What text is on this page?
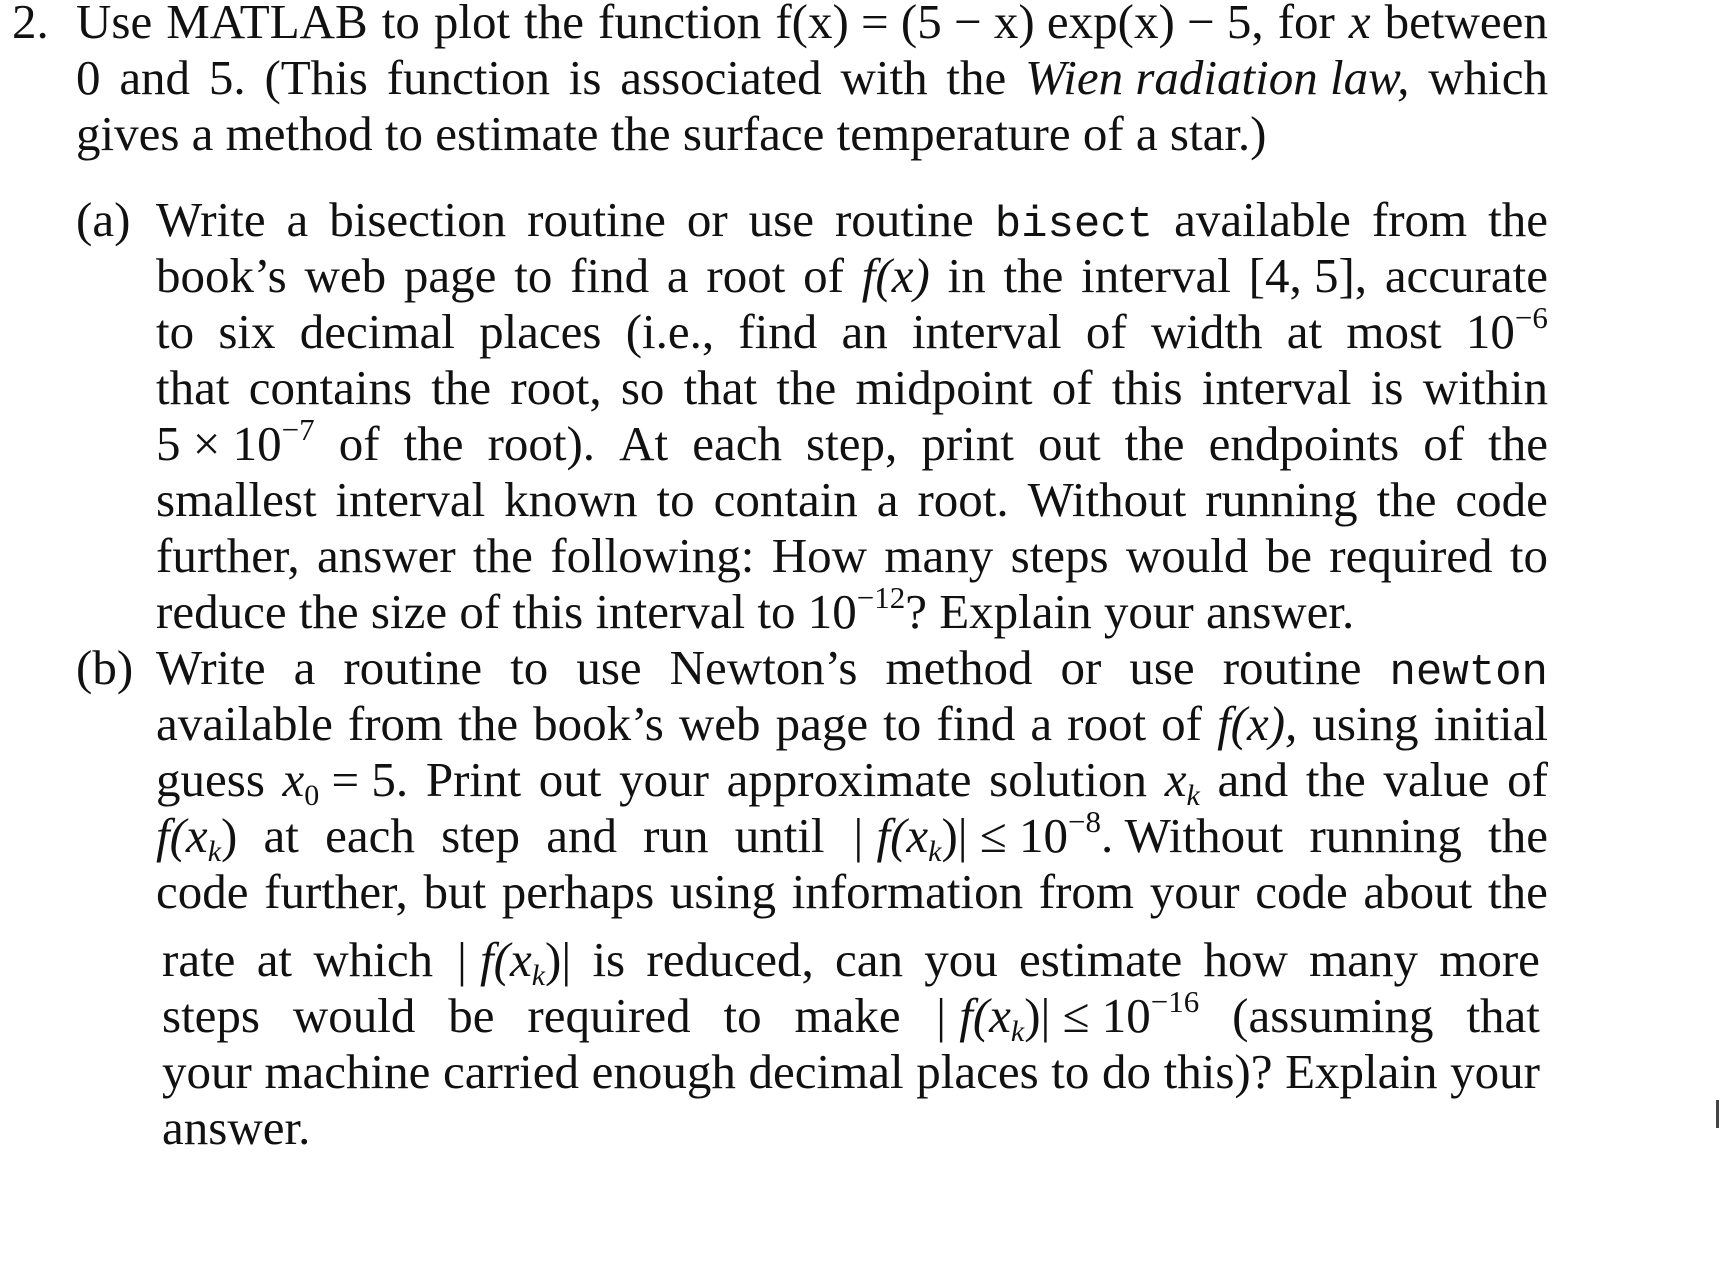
2. Use MATLAB to plot the function f(x) = (5 − x) exp(x) − 5, for x between
0 and 5. (This function is associated with the Wien radiation law, which
gives a method to estimate the surface temperature of a star.)
(a) Write a bisection routine or use routine bisect available from the
book’s web page to find a root of f(x) in the interval [4, 5], accurate
to six decimal places (i.e., find an interval of width at most $10^{-6}$
that contains the root, so that the midpoint of this interval is within
$5 \times 10^{-7}$ of the root). At each step, print out the endpoints of the
smallest interval known to contain a root. Without running the code
further, answer the following: How many steps would be required to
reduce the size of this interval to $10^{-12}$? Explain your answer.
(b) Write a routine to use Newton’s method or use routine newton
available from the book’s web page to find a root of f(x), using initial
guess $x_0 = 5$. Print out your approximate solution $x_k$ and the value of
$f(x_k)$ at each step and run until | $f(x_k)| \le 10^{-8}$. Without running the
code further, but perhaps using information from your code about the
rate at which | $f(x_k)|$ is reduced, can you estimate how many more
steps would be required to make | $f(x_k)| \le 10^{-16}$ (assuming that
your machine carried enough decimal places to do this)? Explain your
answer.
